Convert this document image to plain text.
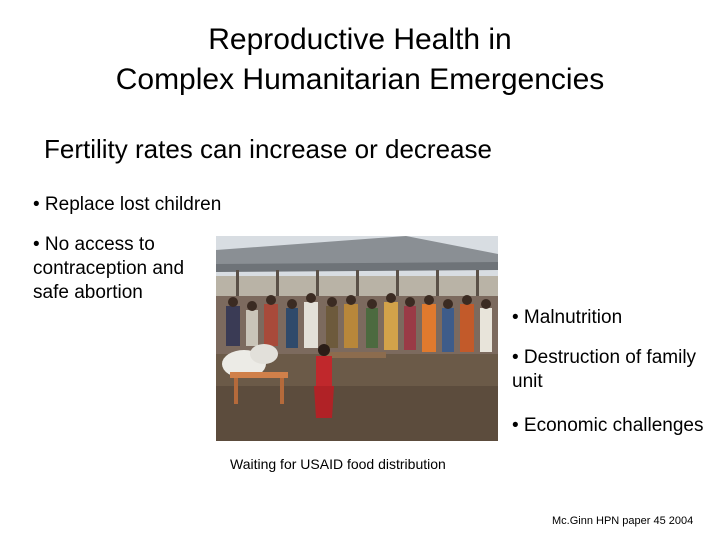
Reproductive Health in
Complex Humanitarian Emergencies
Fertility rates can increase or decrease
• Replace lost children
• No access to contraception and safe abortion
Waiting for USAID food distribution
• Malnutrition
• Destruction of family unit
• Economic challenges
Mc.Ginn HPN paper 45 2004
